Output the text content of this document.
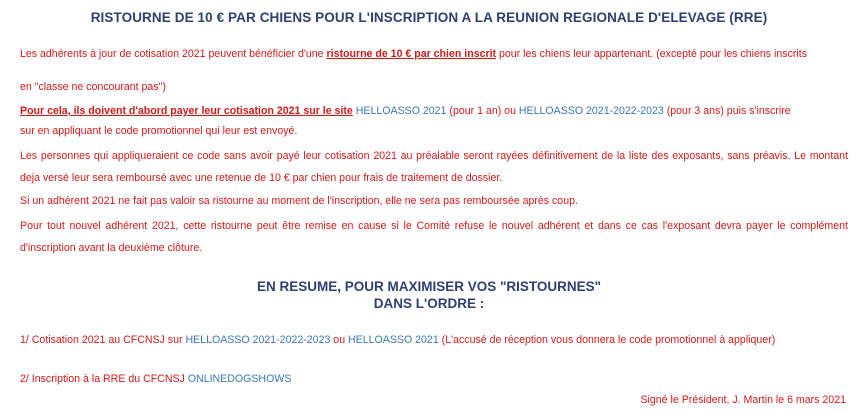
RISTOURNE DE 10 € PAR CHIENS POUR L'INSCRIPTION A LA REUNION REGIONALE D'ELEVAGE (RRE)
Les adhérents à jour de cotisation 2021 peuvent bénéficier d'une ristourne de 10 € par chien inscrit pour les chiens leur appartenant. (excepté pour les chiens inscrits
en "classe ne concourant pas")
Pour cela, ils doivent d'abord payer leur cotisation 2021 sur le site HELLOASSO 2021 (pour 1 an) ou HELLOASSO 2021-2022-2023 (pour 3 ans) puis s'inscrire
sur en appliquant le code promotionnel qui leur est envoyé.
Les personnes qui appliqueraient ce code sans avoir payé leur cotisation 2021 au préalable seront rayées définitivement de la liste des exposants, sans préavis. Le montant deja versé leur sera remboursé avec une retenue de 10 € par chien pour frais de traitement de dossier.
Si un adhérent 2021 ne fait pas valoir sa ristourne au moment de l'inscription, elle ne sera pas remboursée après coup.
Pour tout nouvel adhérent 2021, cette ristourne peut être remise en cause si le Comité refuse le nouvel adhérent et dans ce cas l'exposant devra payer le complément d'inscription avant la deuxième clôture.
EN RESUME, POUR MAXIMISER VOS "RISTOURNES"
DANS L'ORDRE :
1/ Cotisation 2021 au CFCNSJ sur HELLOASSO 2021-2022-2023 ou HELLOASSO 2021 (L'accusé de réception vous donnera le code promotionnel à appliquer)
2/ Inscription à la RRE du CFCNSJ ONLINEDOGSHOWS
Signé le Président, J. Martin le 6 mars 2021
